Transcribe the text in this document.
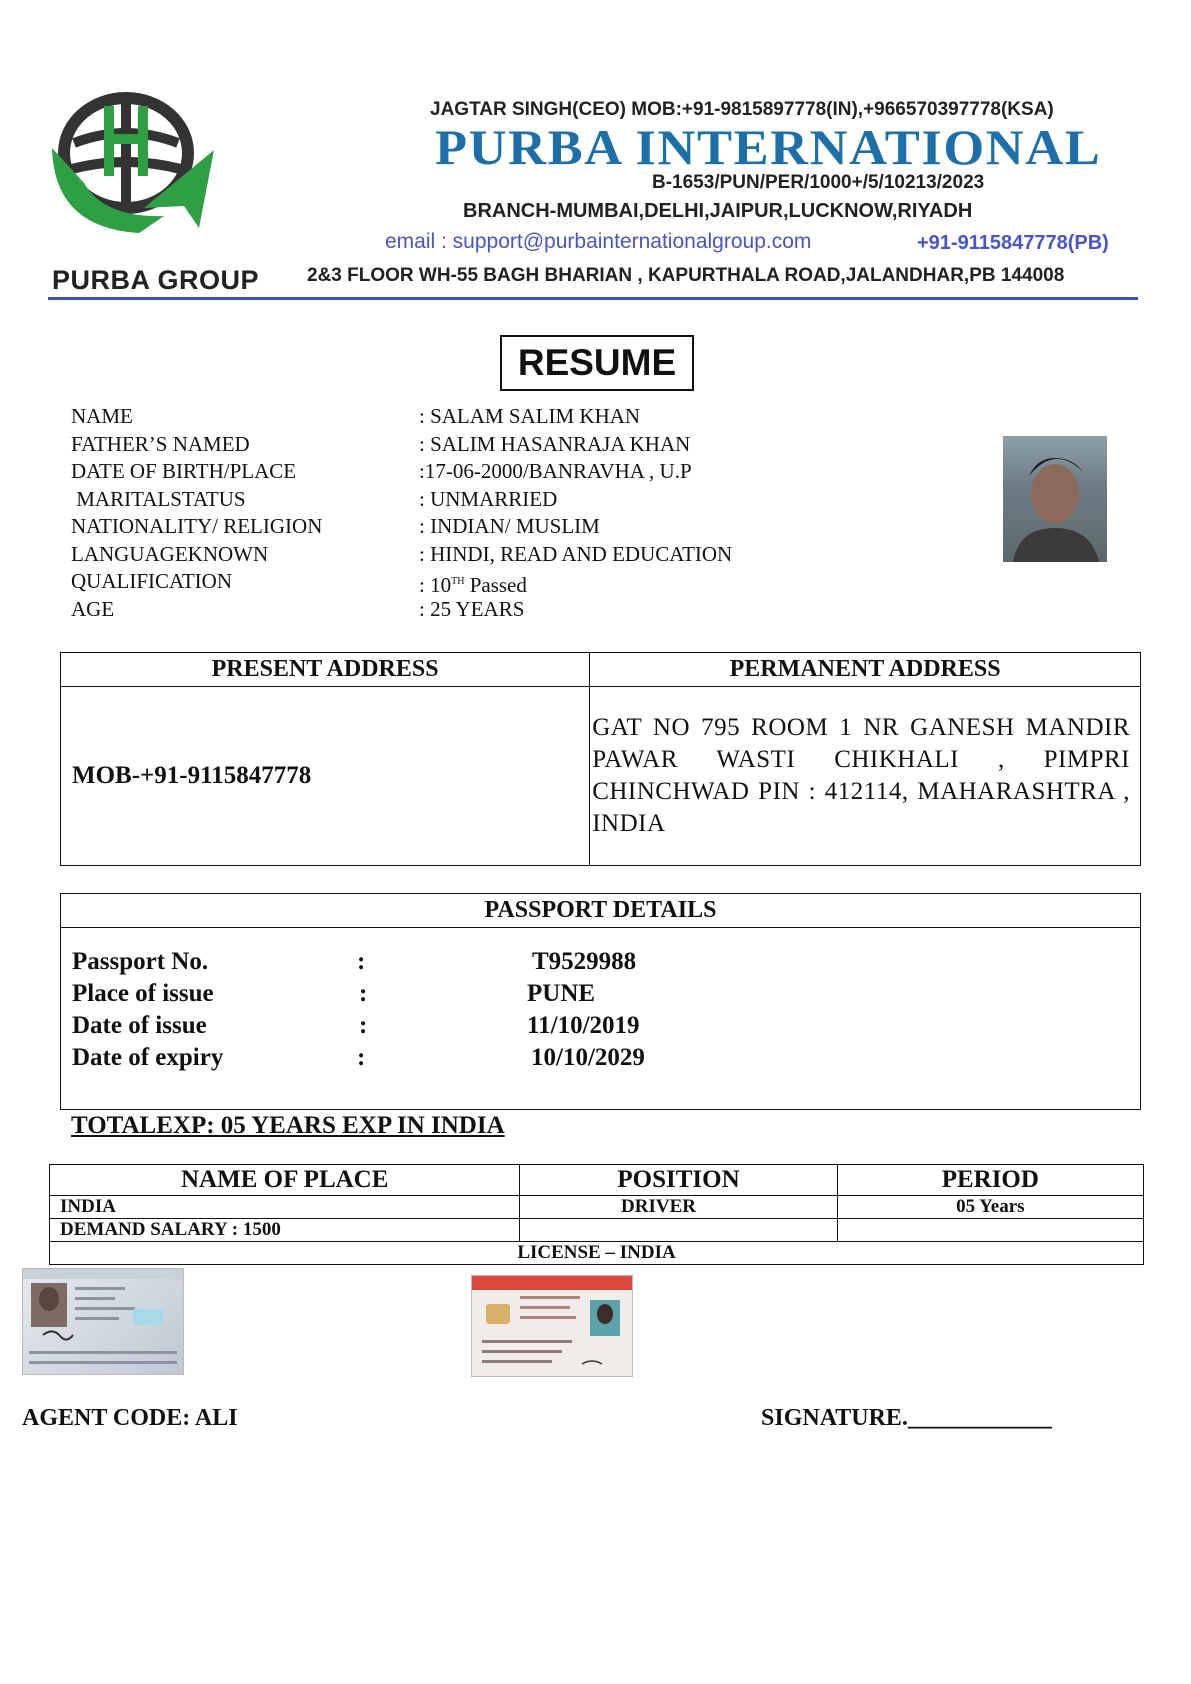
PURBA GROUP
JAGTAR SINGH(CEO) MOB:+91-9815897778(IN),+966570397778(KSA)
PURBA INTERNATIONAL
B-1653/PUN/PER/1000+/5/10213/2023
BRANCH-MUMBAI,DELHI,JAIPUR,LUCKNOW,RIYADH
email : support@purbainternationalgroup.com	+91-9115847778(PB)
2&3 FLOOR WH-55 BAGH BHARIAN , KAPURTHALA ROAD,JALANDHAR,PB 144008
RESUME
NAME	: SALAM SALIM KHAN
FATHER’S NAMED	: SALIM HASANRAJA KHAN
DATE OF BIRTH/PLACE	:17-06-2000/BANRAVHA , U.P
MARITALSTATUS	: UNMARRIED
NATIONALITY/ RELIGION	: INDIAN/ MUSLIM
LANGUAGEKNOWN	: HINDI, READ AND EDUCATION
QUALIFICATION	: 10TH Passed
AGE	: 25 YEARS
PRESENT ADDRESS	PERMANENT ADDRESS
MOB-+91-9115847778	GAT NO 795 ROOM 1 NR GANESH MANDIR PAWAR WASTI CHIKHALI , PIMPRI CHINCHWAD PIN : 412114, MAHARASHTRA , INDIA
PASSPORT DETAILS
Passport No.	:	T9529988
Place of issue	:	PUNE
Date of issue	:	11/10/2019
Date of expiry	:	10/10/2029
TOTALEXP: 05 YEARS EXP IN INDIA
NAME OF PLACE	POSITION	PERIOD
INDIA	DRIVER	05 Years
DEMAND SALARY : 1500		
LICENSE – INDIA		
AGENT CODE: ALI	SIGNATURE.____________
